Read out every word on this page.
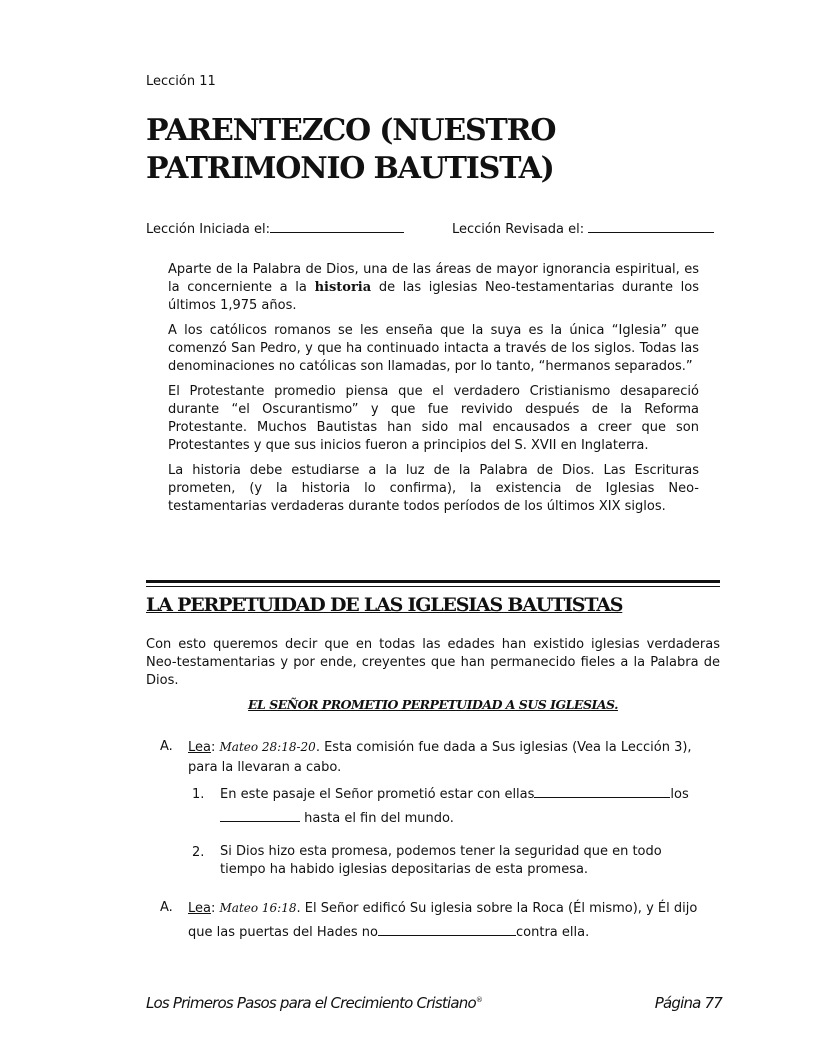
Lección 11
PARENTEZCO (NUESTRO
PATRIMONIO BAUTISTA)
Lección Iniciada el:	Lección Revisada el:

Aparte de la Palabra de Dios, una de las áreas de mayor ignorancia espiritual, es la concerniente a la historia de las iglesias Neo-testamentarias durante los últimos 1,975 años.

A los católicos romanos se les enseña que la suya es la única “Iglesia” que comenzó San Pedro, y que ha continuado intacta a través de los siglos. Todas las denominaciones no católicas son llamadas, por lo tanto, “hermanos separados.”

El Protestante promedio piensa que el verdadero Cristianismo desapareció durante “el Oscurantismo” y que fue revivido después de la Reforma Protestante. Muchos Bautistas han sido mal encausados a creer que son Protestantes y que sus inicios fueron a principios del S. XVII en Inglaterra.

La historia debe estudiarse a la luz de la Palabra de Dios. Las Escrituras prometen, (y la historia lo confirma), la existencia de Iglesias Neo-testamentarias verdaderas durante todos períodos de los últimos XIX siglos.

LA PERPETUIDAD DE LAS IGLESIAS BAUTISTAS

Con esto queremos decir que en todas las edades han existido iglesias verdaderas Neo-testamentarias y por ende, creyentes que han permanecido fieles a la Palabra de Dios.

EL SEÑOR PROMETIO PERPETUIDAD A SUS IGLESIAS.

A. Lea: Mateo 28:18-20. Esta comisión fue dada a Sus iglesias (Vea la Lección 3),
para la llevaran a cabo.
1. En este pasaje el Señor prometió estar con ellas	los
hasta el fin del mundo.
2. Si Dios hizo esta promesa, podemos tener la seguridad que en todo
tiempo ha habido iglesias depositarias de esta promesa.
A. Lea: Mateo 16:18. El Señor edificó Su iglesia sobre la Roca (Él mismo), y Él dijo
que las puertas del Hades no	contra ella.
Los Primeros Pasos para el Crecimiento Cristiano®	Página 77
